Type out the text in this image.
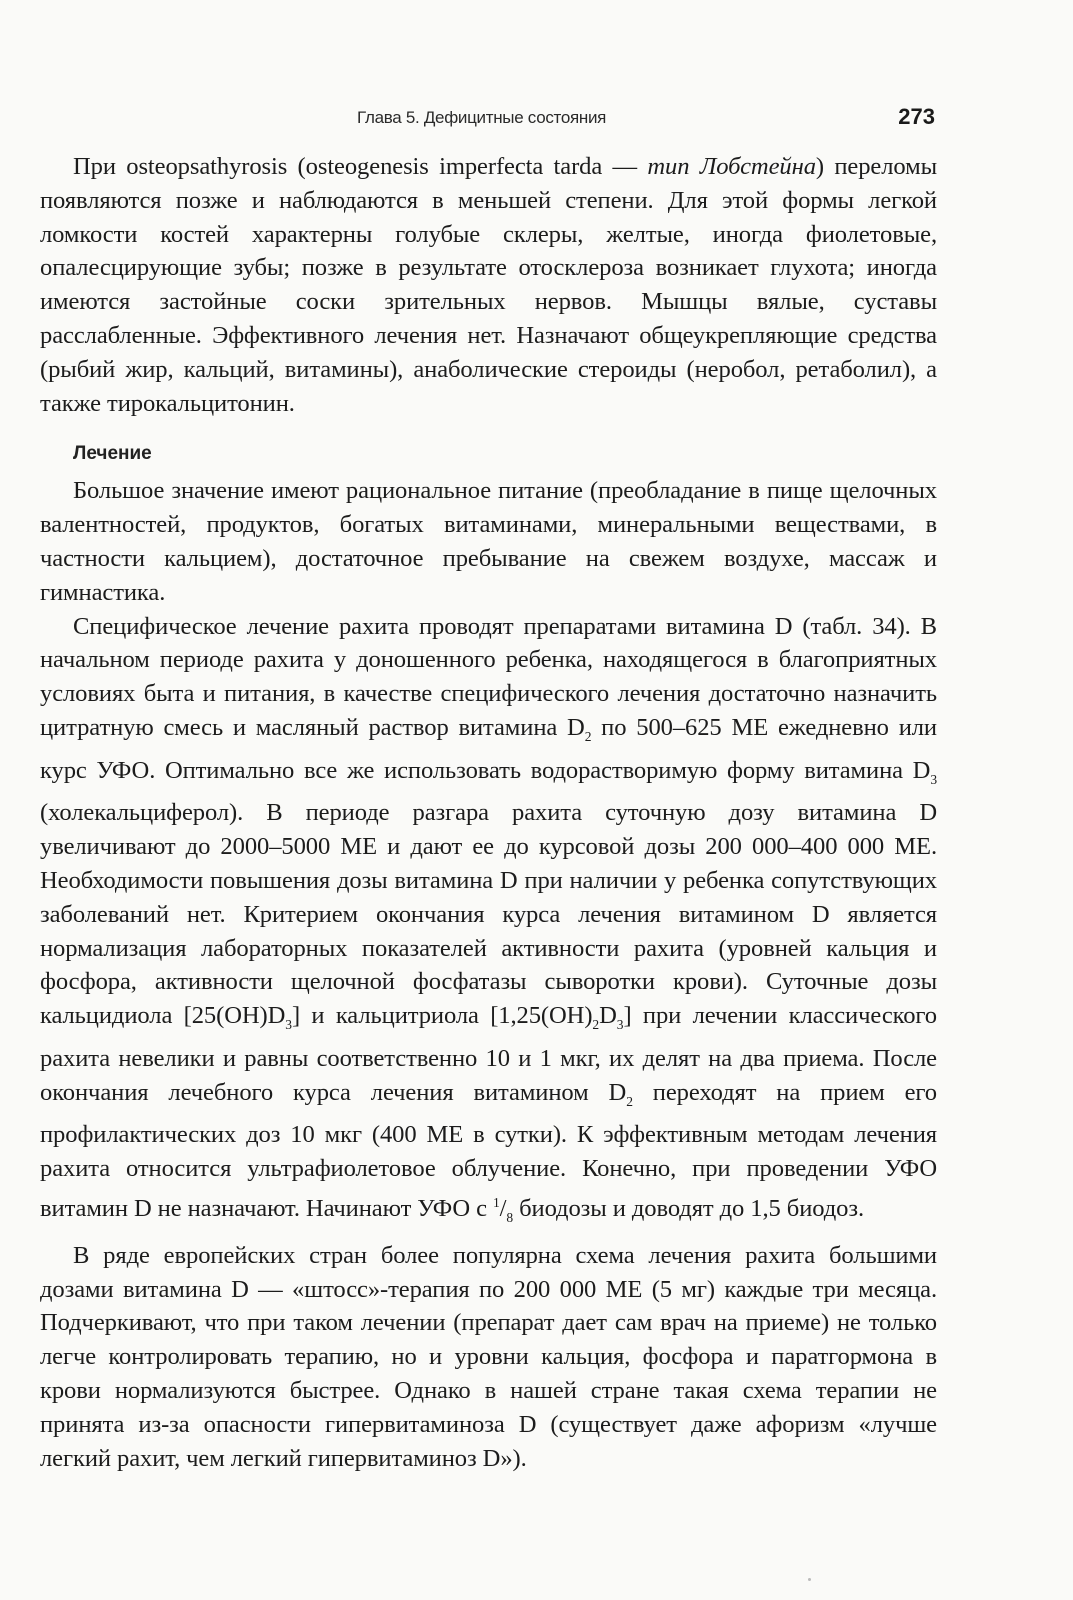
Глава 5. Дефицитные состояния	273

При osteopsathyrosis (osteogenesis imperfecta tarda — тип Лобстейна) переломы появляются позже и наблюдаются в меньшей степени. Для этой формы легкой ломкости костей характерны голубые склеры, желтые, иногда фиолетовые, опалесцирующие зубы; позже в результате отосклероза возникает глухота; иногда имеются застойные соски зрительных нервов. Мышцы вялые, суставы расслабленные. Эффективного лечения нет. Назначают общеукрепляющие средства (рыбий жир, кальций, витамины), анаболические стероиды (неробол, ретаболил), а также тирокальцитонин.

Лечение

Большое значение имеют рациональное питание (преобладание в пище щелочных валентностей, продуктов, богатых витаминами, минеральными веществами, в частности кальцием), достаточное пребывание на свежем воздухе, массаж и гимнастика.

Специфическое лечение рахита проводят препаратами витамина D (табл. 34). В начальном периоде рахита у доношенного ребенка, находящегося в благоприятных условиях быта и питания, в качестве специфического лечения достаточно назначить цитратную смесь и масляный раствор витамина $D_2$ по 500–625 МЕ ежедневно или курс УФО. Оптимально все же использовать водорастворимую форму витамина $D_3$ (холекальциферол). В периоде разгара рахита суточную дозу витамина D увеличивают до 2000–5000 МЕ и дают ее до курсовой дозы 200 000–400 000 МЕ. Необходимости повышения дозы витамина D при наличии у ребенка сопутствующих заболеваний нет. Критерием окончания курса лечения витамином D является нормализация лабораторных показателей активности рахита (уровней кальция и фосфора, активности щелочной фосфатазы сыворотки крови). Суточные дозы кальцидиола $[25(OH)D_3]$ и кальцитриола $[1,25(OH)_2D_3]$ при лечении классического рахита невелики и равны соответственно 10 и 1 мкг, их делят на два приема. После окончания лечебного курса лечения витамином $D_2$ переходят на прием его профилактических доз 10 мкг (400 МЕ в сутки). К эффективным методам лечения рахита относится ультрафиолетовое облучение. Конечно, при проведении УФО витамин D не назначают. Начинают УФО с $^1/_8$ биодозы и доводят до 1,5 биодоз.

В ряде европейских стран более популярна схема лечения рахита большими дозами витамина D — «штосс»-терапия по 200 000 МЕ (5 мг) каждые три месяца. Подчеркивают, что при таком лечении (препарат дает сам врач на приеме) не только легче контролировать терапию, но и уровни кальция, фосфора и паратгормона в крови нормализуются быстрее. Однако в нашей стране такая схема терапии не принята из-за опасности гипервитаминоза D (существует даже афоризм «лучше легкий рахит, чем легкий гипервитаминоз D»).
